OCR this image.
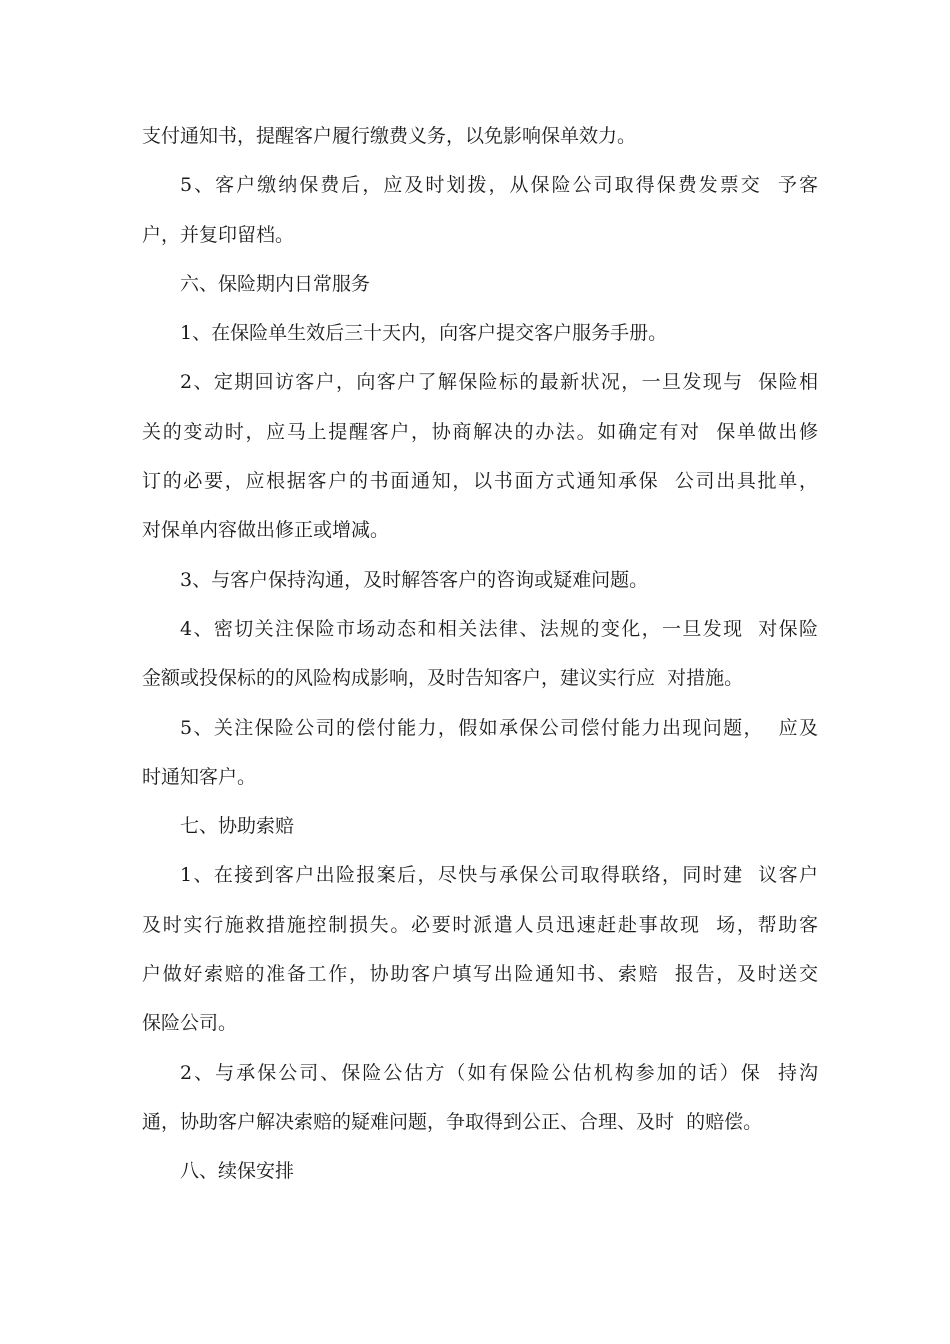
支付通知书，提醒客户履行缴费义务，以免影响保单效力。
5、客户缴纳保费后，应及时划拨，从保险公司取得保费发票交  予客
户，并复印留档。
六、保险期内日常服务
1、在保险单生效后三十天内，向客户提交客户服务手册。
2、定期回访客户，向客户了解保险标的最新状况，一旦发现与  保险相
关的变动时，应马上提醒客户，协商解决的办法。如确定有对  保单做出修
订的必要，应根据客户的书面通知，以书面方式通知承保  公司出具批单，
对保单内容做出修正或增减。
3、与客户保持沟通，及时解答客户的咨询或疑难问题。
4、密切关注保险市场动态和相关法律、法规的变化，一旦发现  对保险
金额或投保标的的风险构成影响，及时告知客户，建议实行应  对措施。
5、关注保险公司的偿付能力，假如承保公司偿付能力出现问题，  应及
时通知客户。
七、协助索赔
1、在接到客户出险报案后，尽快与承保公司取得联络，同时建  议客户
及时实行施救措施控制损失。必要时派遣人员迅速赶赴事故现  场，帮助客
户做好索赔的准备工作，协助客户填写出险通知书、索赔  报告，及时送交
保险公司。
2、与承保公司、保险公估方（如有保险公估机构参加的话）保  持沟
通，协助客户解决索赔的疑难问题，争取得到公正、合理、及时  的赔偿。
八、续保安排
